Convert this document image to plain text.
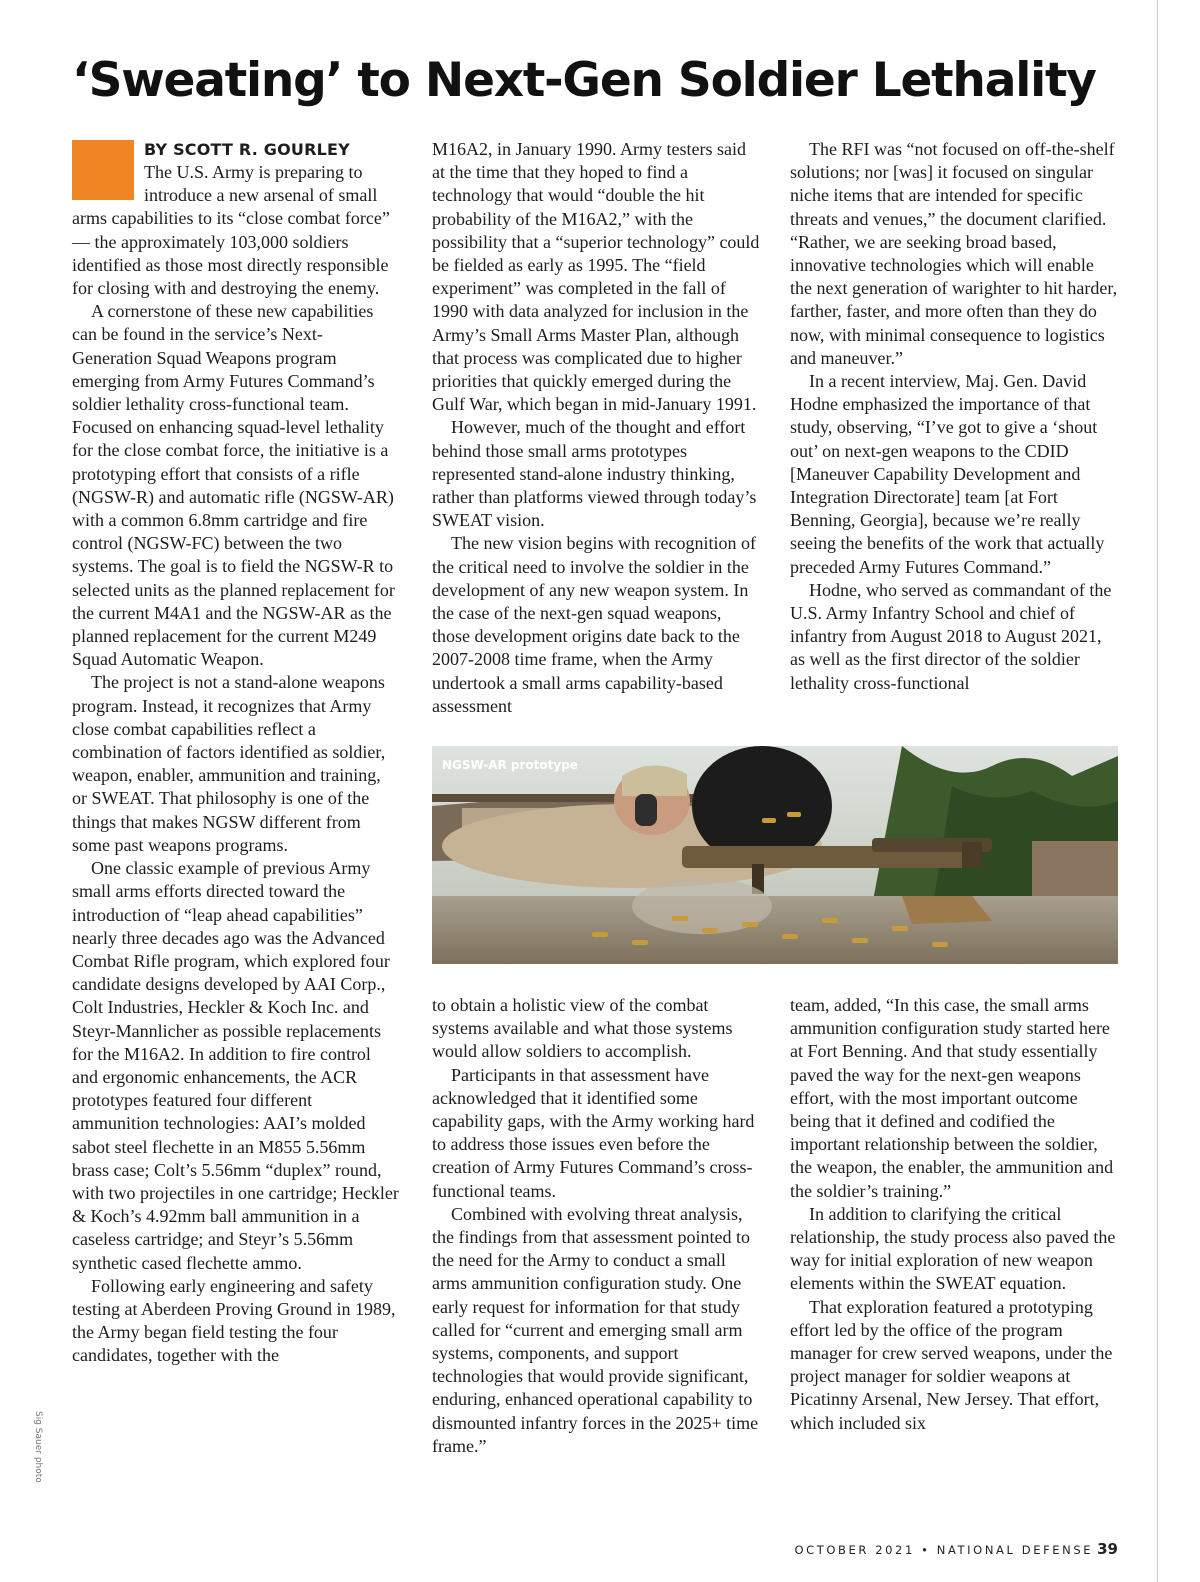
‘Sweating’ to Next-Gen Soldier Lethality
BY SCOTT R. GOURLEY

The U.S. Army is preparing to introduce a new arsenal of small arms capabilities to its “close combat force” — the approximately 103,000 soldiers identified as those most directly responsible for closing with and destroying the enemy.

A cornerstone of these new capabilities can be found in the service’s Next-Generation Squad Weapons program emerging from Army Futures Command’s soldier lethality cross-functional team. Focused on enhancing squad-level lethality for the close combat force, the initiative is a prototyping effort that consists of a rifle (NGSW-R) and automatic rifle (NGSW-AR) with a common 6.8mm cartridge and fire control (NGSW-FC) between the two systems. The goal is to field the NGSW-R to selected units as the planned replacement for the current M4A1 and the NGSW-AR as the planned replacement for the current M249 Squad Automatic Weapon.

The project is not a stand-alone weapons program. Instead, it recognizes that Army close combat capabilities reflect a combination of factors identified as soldier, weapon, enabler, ammunition and training, or SWEAT. That philosophy is one of the things that makes NGSW different from some past weapons programs.

One classic example of previous Army small arms efforts directed toward the introduction of “leap ahead capabilities” nearly three decades ago was the Advanced Combat Rifle program, which explored four candidate designs developed by AAI Corp., Colt Industries, Heckler & Koch Inc. and Steyr-Mannlicher as possible replacements for the M16A2. In addition to fire control and ergonomic enhancements, the ACR prototypes featured four different ammunition technologies: AAI’s molded sabot steel flechette in an M855 5.56mm brass case; Colt’s 5.56mm “duplex” round, with two projectiles in one cartridge; Heckler & Koch’s 4.92mm ball ammunition in a caseless cartridge; and Steyr’s 5.56mm synthetic cased flechette ammo.

Following early engineering and safety testing at Aberdeen Proving Ground in 1989, the Army began field testing the four candidates, together with the

M16A2, in January 1990. Army testers said at the time that they hoped to find a technology that would “double the hit probability of the M16A2,” with the possibility that a “superior technology” could be fielded as early as 1995. The “field experiment” was completed in the fall of 1990 with data analyzed for inclusion in the Army’s Small Arms Master Plan, although that process was complicated due to higher priorities that quickly emerged during the Gulf War, which began in mid-January 1991.

However, much of the thought and effort behind those small arms prototypes represented stand-alone industry thinking, rather than platforms viewed through today’s SWEAT vision.

The new vision begins with recognition of the critical need to involve the soldier in the development of any new weapon system. In the case of the next-gen squad weapons, those development origins date back to the 2007-2008 time frame, when the Army undertook a small arms capability-based assessment

The RFI was “not focused on off-the-shelf solutions; nor [was] it focused on singular niche items that are intended for specific threats and venues,” the document clarified. “Rather, we are seeking broad based, innovative technologies which will enable the next generation of warighter to hit harder, farther, faster, and more often than they do now, with minimal consequence to logistics and maneuver.”

In a recent interview, Maj. Gen. David Hodne emphasized the importance of that study, observing, “I’ve got to give a ‘shout out’ on next-gen weapons to the CDID [Maneuver Capability Development and Integration Directorate] team [at Fort Benning, Georgia], because we’re really seeing the benefits of the work that actually preceded Army Futures Command.”

Hodne, who served as commandant of the U.S. Army Infantry School and chief of infantry from August 2018 to August 2021, as well as the first director of the soldier lethality cross-functional

NGSW-AR prototype

to obtain a holistic view of the combat systems available and what those systems would allow soldiers to accomplish.

Participants in that assessment have acknowledged that it identified some capability gaps, with the Army working hard to address those issues even before the creation of Army Futures Command’s cross-functional teams.

Combined with evolving threat analysis, the findings from that assessment pointed to the need for the Army to conduct a small arms ammunition configuration study. One early request for information for that study called for “current and emerging small arm systems, components, and support technologies that would provide significant, enduring, enhanced operational capability to dismounted infantry forces in the 2025+ time frame.”

team, added, “In this case, the small arms ammunition configuration study started here at Fort Benning. And that study essentially paved the way for the next-gen weapons effort, with the most important outcome being that it defined and codified the important relationship between the soldier, the weapon, the enabler, the ammunition and the soldier’s training.”

In addition to clarifying the critical relationship, the study process also paved the way for initial exploration of new weapon elements within the SWEAT equation.

That exploration featured a prototyping effort led by the office of the program manager for crew served weapons, under the project manager for soldier weapons at Picatinny Arsenal, New Jersey. That effort, which included six

Sig Sauer photo
OCTOBER 2021 • NATIONAL DEFENSE 39
